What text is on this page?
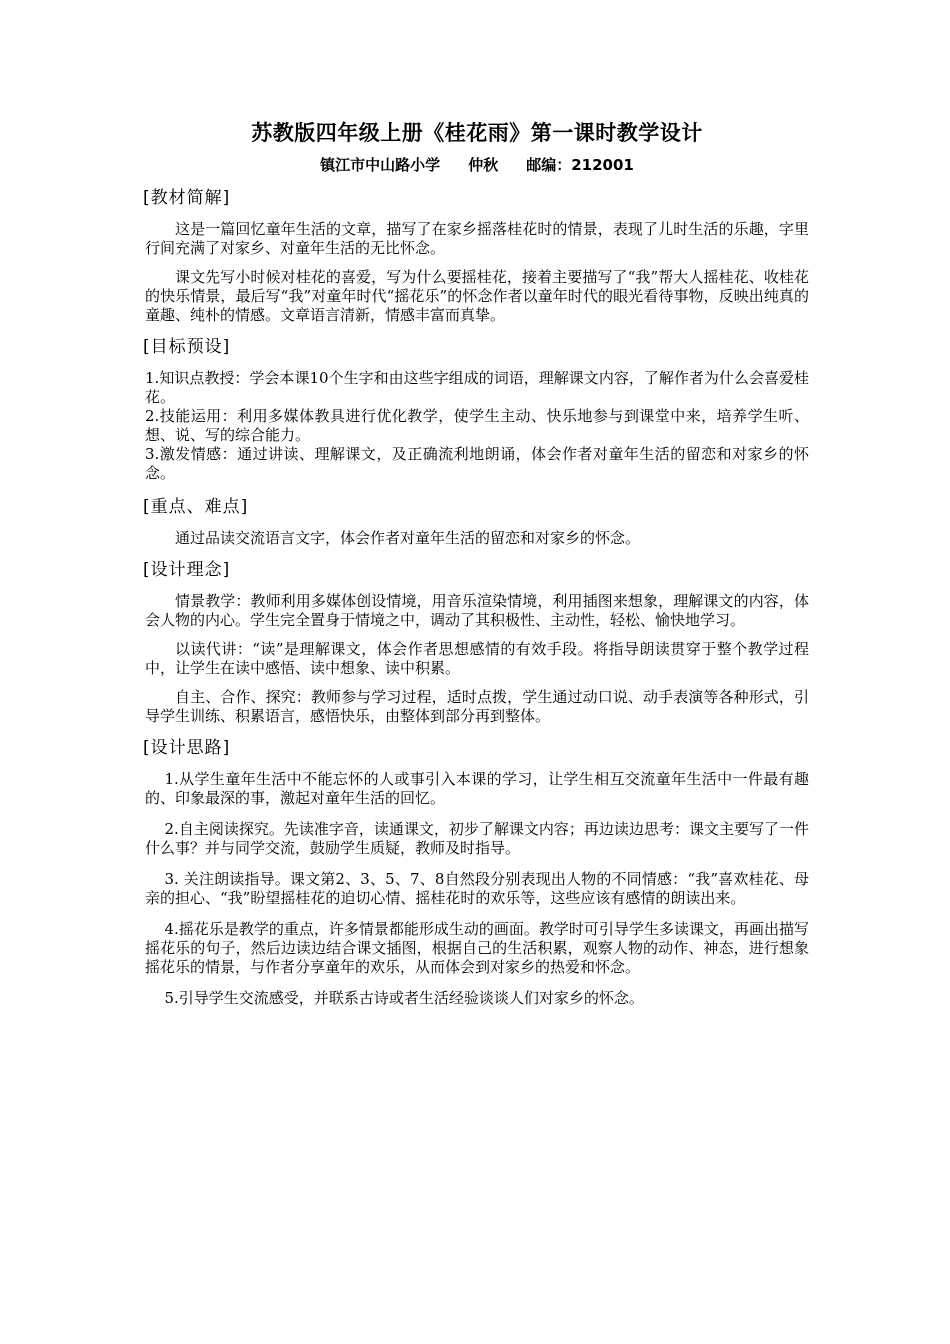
苏教版四年级上册《桂花雨》第一课时教学设计
镇江市中山路小学 仲秋 邮编：212001
[教材简解]

这是一篇回忆童年生活的文章，描写了在家乡摇落桂花时的情景，表现了儿时生活的乐趣，字里行间充满了对家乡、对童年生活的无比怀念。

课文先写小时候对桂花的喜爱，写为什么要摇桂花，接着主要描写了“我”帮大人摇桂花、收桂花的快乐情景，最后写“我”对童年时代“摇花乐”的怀念作者以童年时代的眼光看待事物，反映出纯真的童趣、纯朴的情感。文章语言清新，情感丰富而真挚。

[目标预设]

1.知识点教授：学会本课10个生字和由这些字组成的词语，理解课文内容，了解作者为什么会喜爱桂花。

2.技能运用：利用多媒体教具进行优化教学，使学生主动、快乐地参与到课堂中来，培养学生听、想、说、写的综合能力。

3.激发情感：通过讲读、理解课文，及正确流利地朗诵，体会作者对童年生活的留恋和对家乡的怀念。

[重点、难点]

通过品读交流语言文字，体会作者对童年生活的留恋和对家乡的怀念。

[设计理念]

情景教学：教师利用多媒体创设情境，用音乐渲染情境，利用插图来想象，理解课文的内容，体会人物的内心。学生完全置身于情境之中，调动了其积极性、主动性，轻松、愉快地学习。

以读代讲：“读”是理解课文，体会作者思想感情的有效手段。将指导朗读贯穿于整个教学过程中，让学生在读中感悟、读中想象、读中积累。

自主、合作、探究：教师参与学习过程，适时点拨，学生通过动口说、动手表演等各种形式，引导学生训练、积累语言，感悟快乐，由整体到部分再到整体。

[设计思路]

1.从学生童年生活中不能忘怀的人或事引入本课的学习，让学生相互交流童年生活中一件最有趣的、印象最深的事，激起对童年生活的回忆。

2.自主阅读探究。先读准字音，读通课文，初步了解课文内容；再边读边思考：课文主要写了一件什么事？并与同学交流，鼓励学生质疑，教师及时指导。

3. 关注朗读指导。课文第2、3、5、7、8自然段分别表现出人物的不同情感：“我”喜欢桂花、母亲的担心、“我”盼望摇桂花的迫切心情、摇桂花时的欢乐等，这些应该有感情的朗读出来。

4.摇花乐是教学的重点，许多情景都能形成生动的画面。教学时可引导学生多读课文，再画出描写摇花乐的句子，然后边读边结合课文插图，根据自己的生活积累，观察人物的动作、神态，进行想象摇花乐的情景，与作者分享童年的欢乐，从而体会到对家乡的热爱和怀念。

5.引导学生交流感受，并联系古诗或者生活经验谈谈人们对家乡的怀念。
